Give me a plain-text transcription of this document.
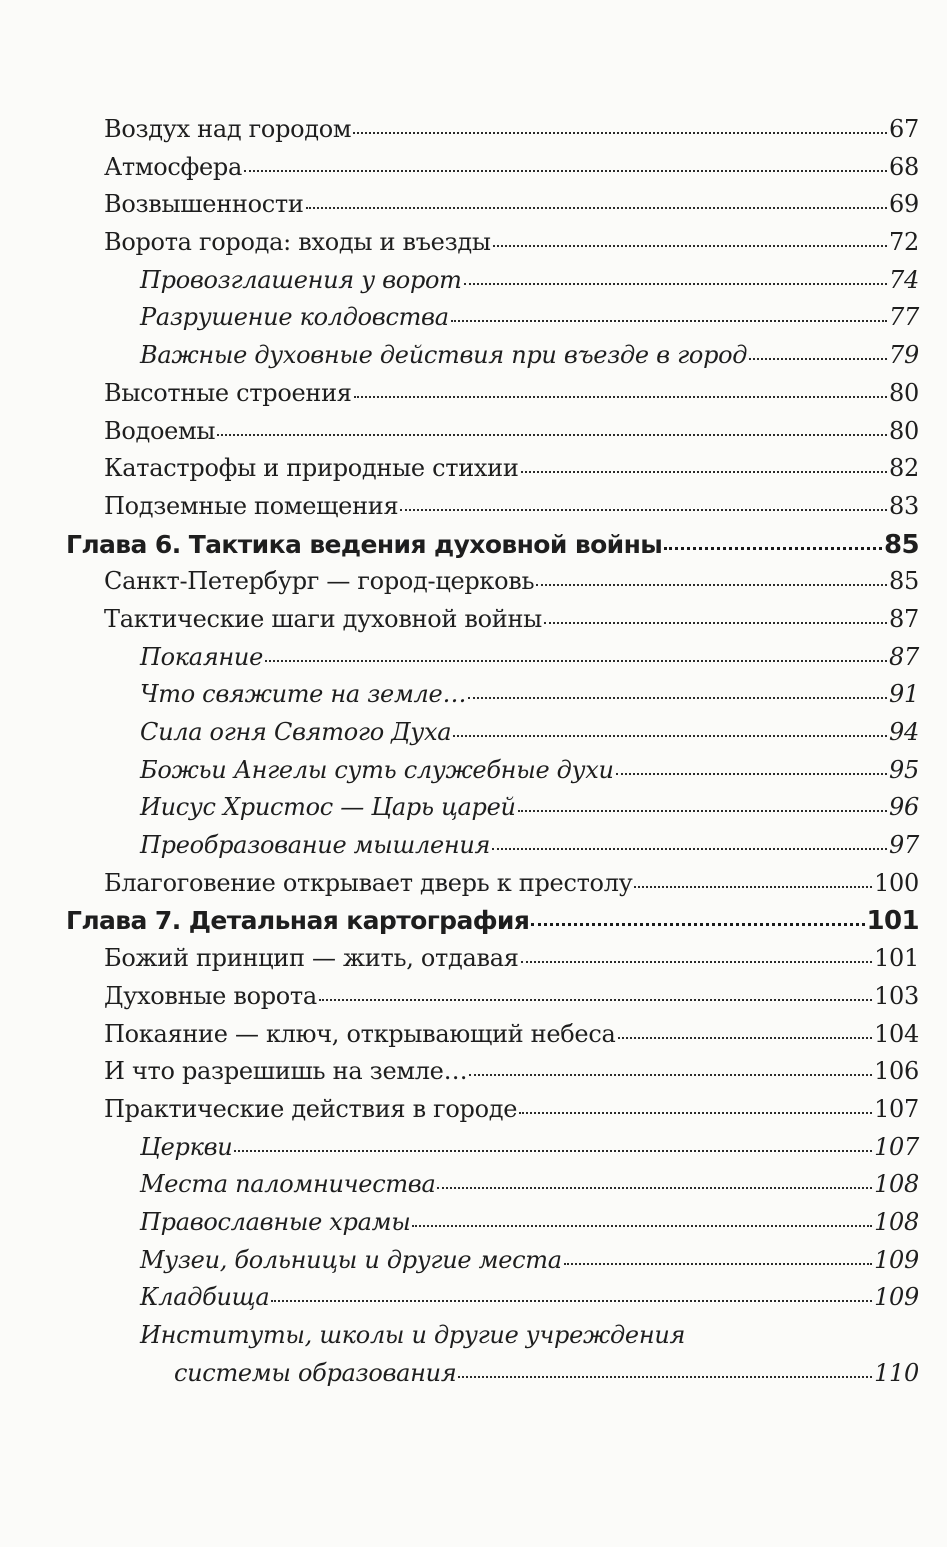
Воздух над городом	67
Атмосфера	68
Возвышенности	69
Ворота города: входы и въезды	72
Провозглашения у ворот	74
Разрушение колдовства	77
Важные духовные действия при въезде в город	79
Высотные строения	80
Водоемы	80
Катастрофы и природные стихии	82
Подземные помещения	83
Глава 6. Тактика ведения духовной войны	85
Санкт-Петербург — город-церковь	85
Тактические шаги духовной войны	87
Покаяние	87
Что свяжите на земле…	91
Сила огня Святого Духа	94
Божьи Ангелы суть служебные духи	95
Иисус Христос — Царь царей	96
Преобразование мышления	97
Благоговение открывает дверь к престолу	100
Глава 7. Детальная картография	101
Божий принцип — жить, отдавая	101
Духовные ворота	103
Покаяние — ключ, открывающий небеса	104
И что разрешишь на земле…	106
Практические действия в городе	107
Церкви	107
Места паломничества	108
Православные храмы	108
Музеи, больницы и другие места	109
Кладбища	109
Институты, школы и другие учреждения
системы образования	110
